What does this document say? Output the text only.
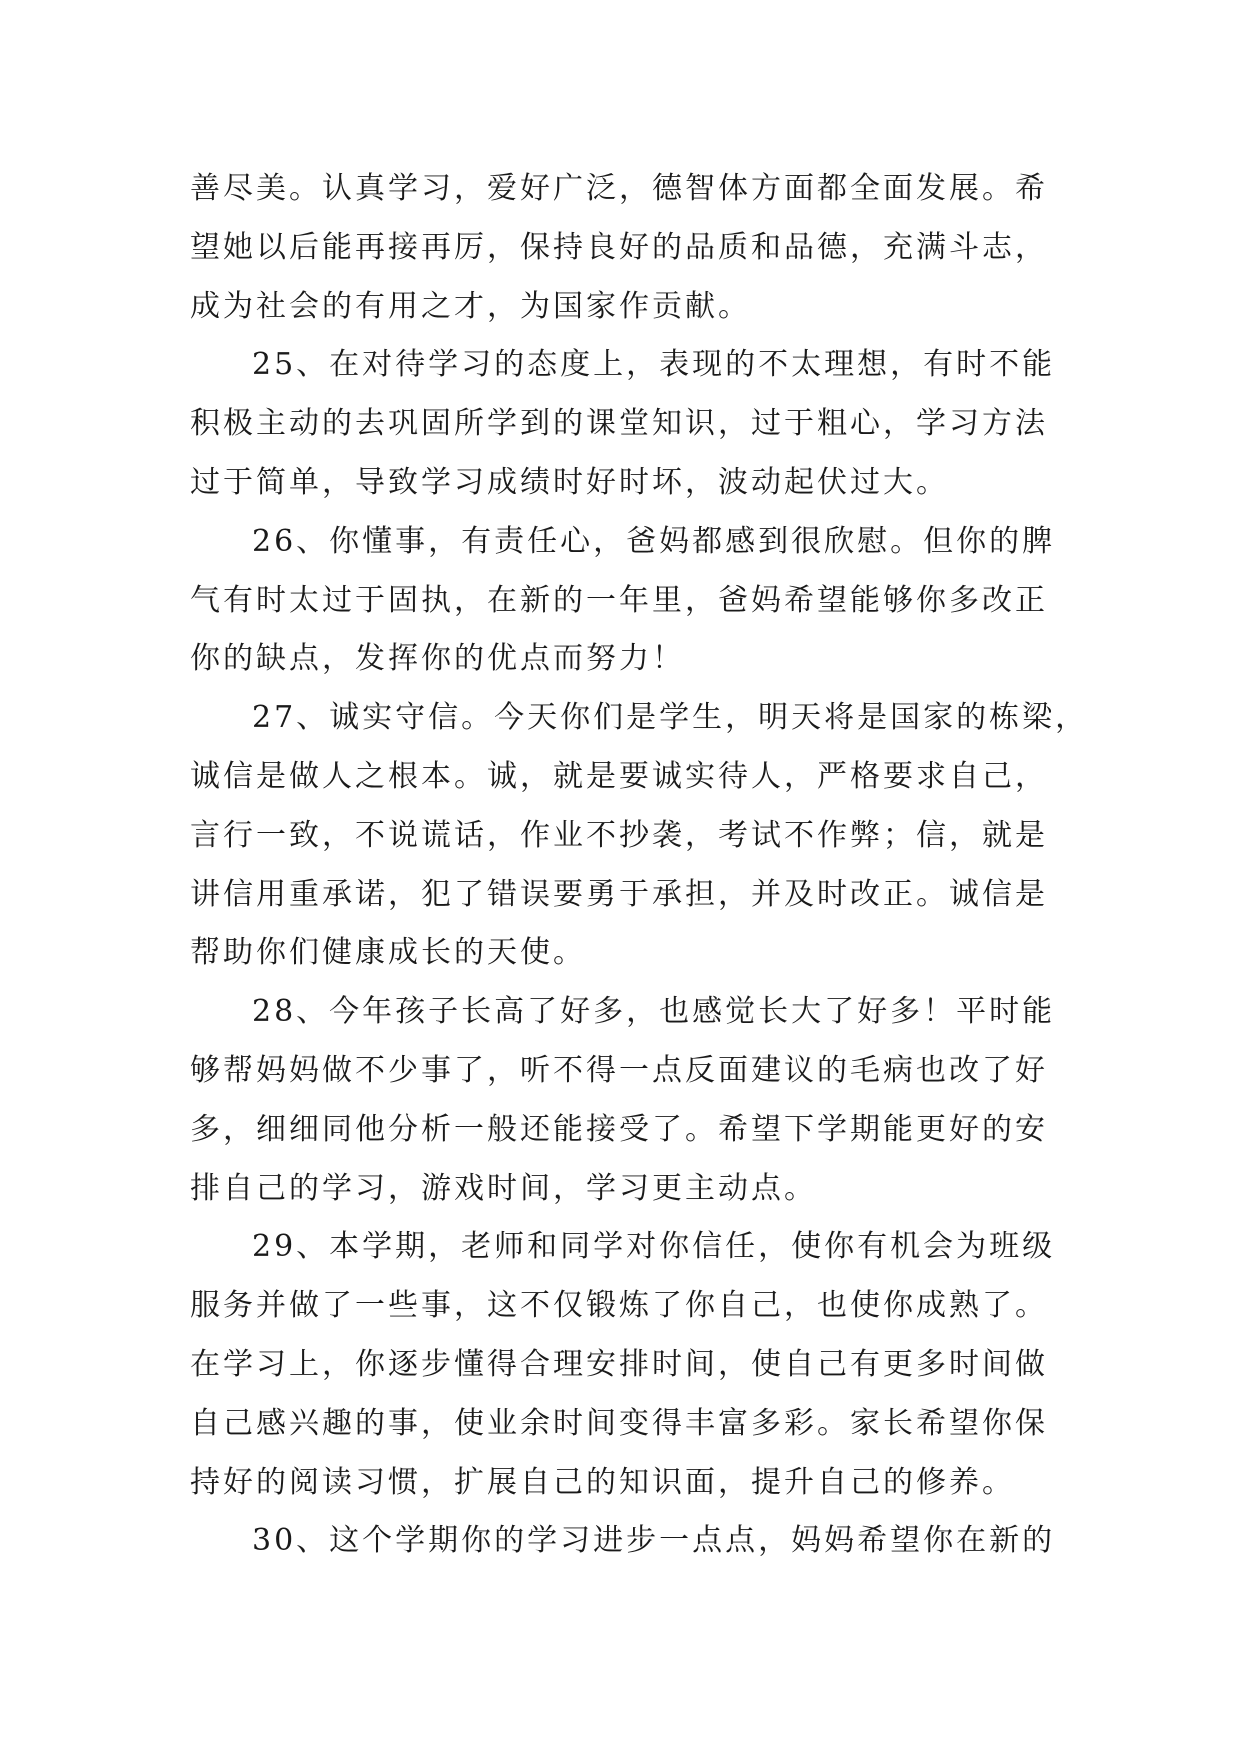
善尽美。认真学习，爱好广泛，德智体方面都全面发展。希
望她以后能再接再厉，保持良好的品质和品德，充满斗志，
成为社会的有用之才，为国家作贡献。
25、在对待学习的态度上，表现的不太理想，有时不能
积极主动的去巩固所学到的课堂知识，过于粗心，学习方法
过于简单，导致学习成绩时好时坏，波动起伏过大。
26、你懂事，有责任心，爸妈都感到很欣慰。但你的脾
气有时太过于固执，在新的一年里，爸妈希望能够你多改正
你的缺点，发挥你的优点而努力！
27、诚实守信。今天你们是学生，明天将是国家的栋梁，
诚信是做人之根本。诚，就是要诚实待人，严格要求自己，
言行一致，不说谎话，作业不抄袭，考试不作弊；信，就是
讲信用重承诺，犯了错误要勇于承担，并及时改正。诚信是
帮助你们健康成长的天使。
28、今年孩子长高了好多，也感觉长大了好多！平时能
够帮妈妈做不少事了，听不得一点反面建议的毛病也改了好
多，细细同他分析一般还能接受了。希望下学期能更好的安
排自己的学习，游戏时间，学习更主动点。
29、本学期，老师和同学对你信任，使你有机会为班级
服务并做了一些事，这不仅锻炼了你自己，也使你成熟了。
在学习上，你逐步懂得合理安排时间，使自己有更多时间做
自己感兴趣的事，使业余时间变得丰富多彩。家长希望你保
持好的阅读习惯，扩展自己的知识面，提升自己的修养。
30、这个学期你的学习进步一点点，妈妈希望你在新的
